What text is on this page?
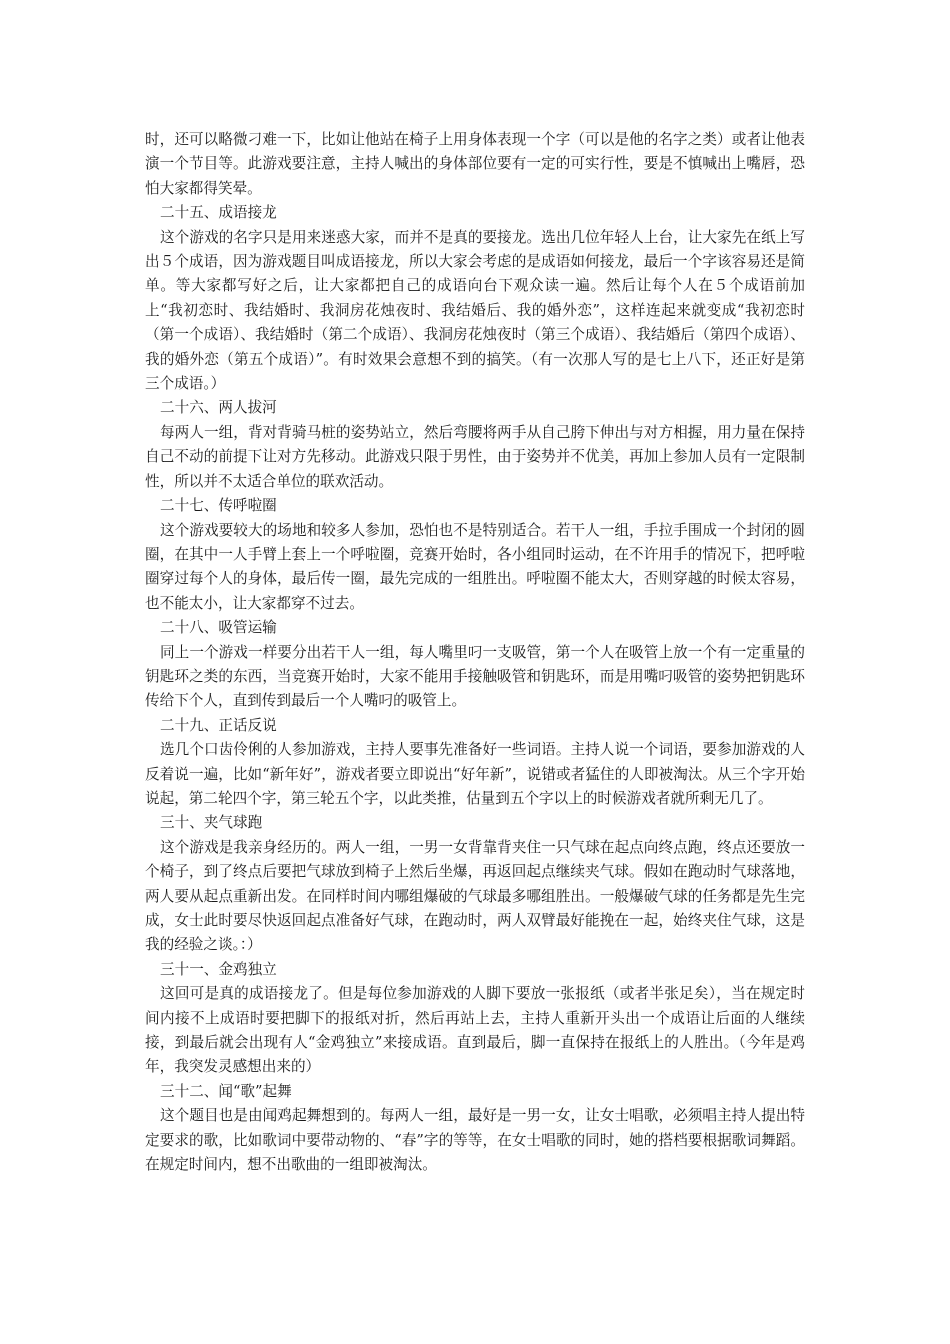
时，还可以略微刁难一下，比如让他站在椅子上用身体表现一个字（可以是他的名字之类）或者让他表演一个节目等。此游戏要注意，主持人喊出的身体部位要有一定的可实行性，要是不慎喊出上嘴唇，恐怕大家都得笑晕。

二十五、成语接龙

这个游戏的名字只是用来迷惑大家，而并不是真的要接龙。选出几位年轻人上台，让大家先在纸上写出５个成语，因为游戏题目叫成语接龙，所以大家会考虑的是成语如何接龙，最后一个字该容易还是简单。等大家都写好之后，让大家都把自己的成语向台下观众读一遍。然后让每个人在５个成语前加上“我初恋时、我结婚时、我洞房花烛夜时、我结婚后、我的婚外恋”，这样连起来就变成“我初恋时（第一个成语）、我结婚时（第二个成语）、我洞房花烛夜时（第三个成语）、我结婚后（第四个成语）、我的婚外恋（第五个成语）”。有时效果会意想不到的搞笑。（有一次那人写的是七上八下，还正好是第三个成语。）

二十六、两人拔河

每两人一组，背对背骑马桩的姿势站立，然后弯腰将两手从自己胯下伸出与对方相握，用力量在保持自己不动的前提下让对方先移动。此游戏只限于男性，由于姿势并不优美，再加上参加人员有一定限制性，所以并不太适合单位的联欢活动。

二十七、传呼啦圈

这个游戏要较大的场地和较多人参加，恐怕也不是特别适合。若干人一组，手拉手围成一个封闭的圆圈，在其中一人手臂上套上一个呼啦圈，竞赛开始时，各小组同时运动，在不许用手的情况下，把呼啦圈穿过每个人的身体，最后传一圈，最先完成的一组胜出。呼啦圈不能太大，否则穿越的时候太容易，也不能太小，让大家都穿不过去。

二十八、吸管运输

同上一个游戏一样要分出若干人一组，每人嘴里叼一支吸管，第一个人在吸管上放一个有一定重量的钥匙环之类的东西，当竞赛开始时，大家不能用手接触吸管和钥匙环，而是用嘴叼吸管的姿势把钥匙环传给下个人，直到传到最后一个人嘴叼的吸管上。

二十九、正话反说

选几个口齿伶俐的人参加游戏，主持人要事先准备好一些词语。主持人说一个词语，要参加游戏的人反着说一遍，比如“新年好”，游戏者要立即说出“好年新”，说错或者猛住的人即被淘汰。从三个字开始说起，第二轮四个字，第三轮五个字，以此类推，估量到五个字以上的时候游戏者就所剩无几了。

三十、夹气球跑

这个游戏是我亲身经历的。两人一组，一男一女背靠背夹住一只气球在起点向终点跑，终点还要放一个椅子，到了终点后要把气球放到椅子上然后坐爆，再返回起点继续夹气球。假如在跑动时气球落地，两人要从起点重新出发。在同样时间内哪组爆破的气球最多哪组胜出。一般爆破气球的任务都是先生完成，女士此时要尽快返回起点准备好气球，在跑动时，两人双臂最好能挽在一起，始终夹住气球，这是我的经验之谈。：）

三十一、金鸡独立

这回可是真的成语接龙了。但是每位参加游戏的人脚下要放一张报纸（或者半张足矣），当在规定时间内接不上成语时要把脚下的报纸对折，然后再站上去，主持人重新开头出一个成语让后面的人继续接，到最后就会出现有人“金鸡独立”来接成语。直到最后，脚一直保持在报纸上的人胜出。（今年是鸡年，我突发灵感想出来的）

三十二、闻“歌”起舞

这个题目也是由闻鸡起舞想到的。每两人一组，最好是一男一女，让女士唱歌，必须唱主持人提出特定要求的歌，比如歌词中要带动物的、“春”字的等等，在女士唱歌的同时，她的搭档要根据歌词舞蹈。在规定时间内，想不出歌曲的一组即被淘汰。
